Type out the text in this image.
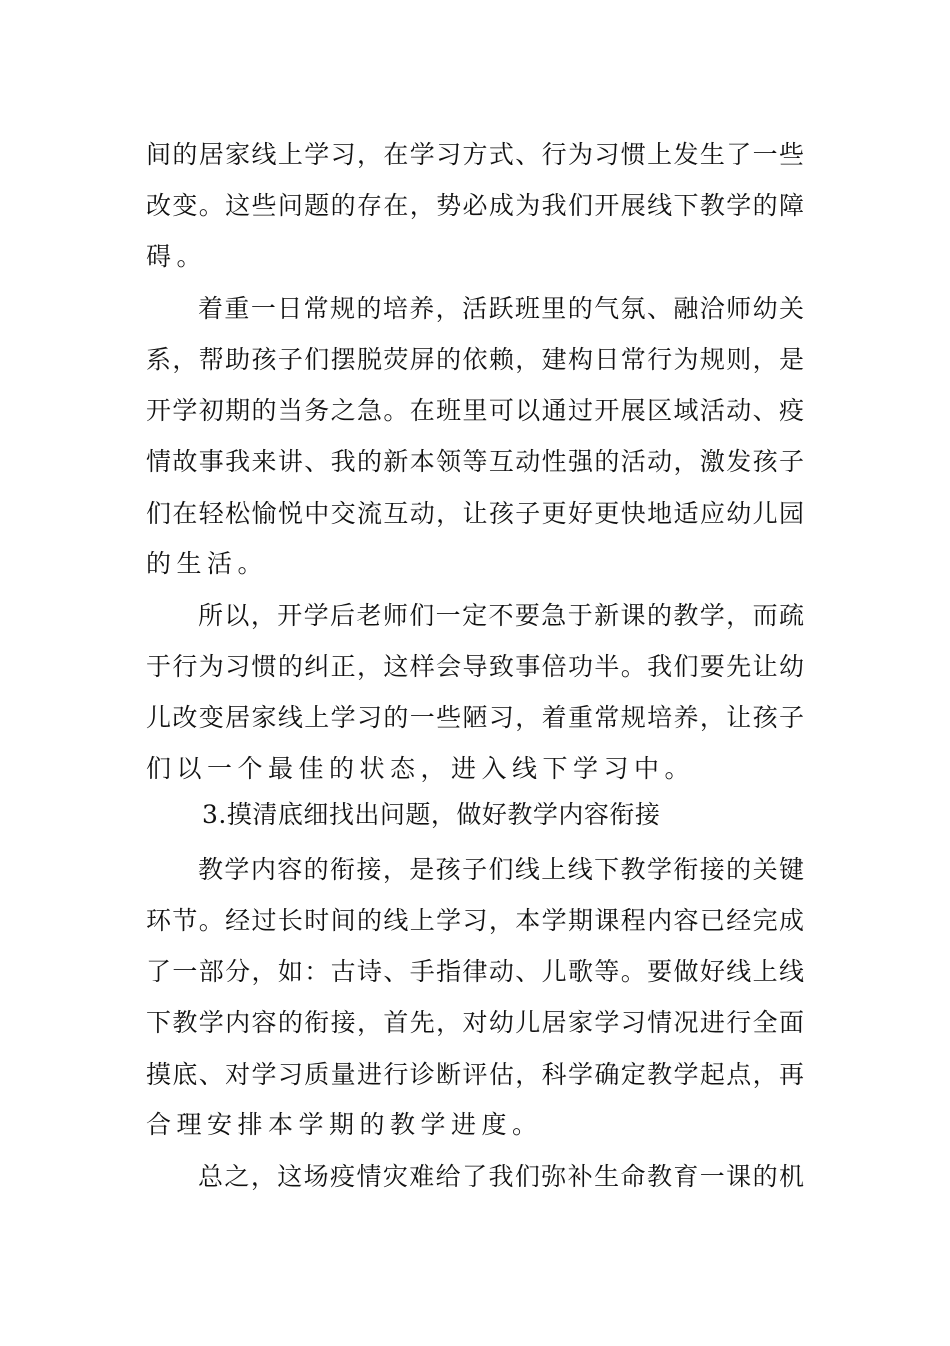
间的居家线上学习，在学习方式、行为习惯上发生了一些
改变。这些问题的存在，势必成为我们开展线下教学的障
碍。
着重一日常规的培养，活跃班里的气氛、融洽师幼关
系，帮助孩子们摆脱荧屏的依赖，建构日常行为规则，是
开学初期的当务之急。在班里可以通过开展区域活动、疫
情故事我来讲、我的新本领等互动性强的活动，激发孩子
们在轻松愉悦中交流互动，让孩子更好更快地适应幼儿园
的生活。
所以，开学后老师们一定不要急于新课的教学，而疏
于行为习惯的纠正，这样会导致事倍功半。我们要先让幼
儿改变居家线上学习的一些陋习，着重常规培养，让孩子
们以一个最佳的状态，进入线下学习中。
3.摸清底细找出问题，做好教学内容衔接
教学内容的衔接，是孩子们线上线下教学衔接的关键
环节。经过长时间的线上学习，本学期课程内容已经完成
了一部分，如：古诗、手指律动、儿歌等。要做好线上线
下教学内容的衔接，首先，对幼儿居家学习情况进行全面
摸底、对学习质量进行诊断评估，科学确定教学起点，再
合理安排本学期的教学进度。
总之，这场疫情灾难给了我们弥补生命教育一课的机
